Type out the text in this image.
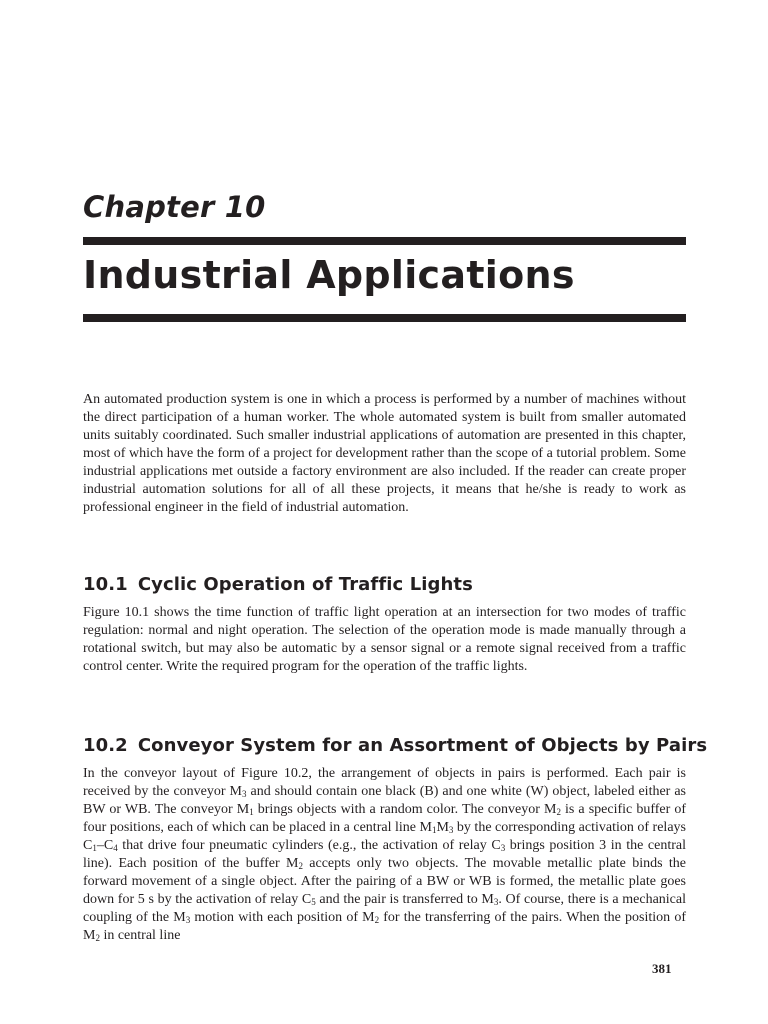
Chapter 10
Industrial Applications

An automated production system is one in which a process is performed by a number of machines without the direct participation of a human worker. The whole automated system is built from smaller automated units suitably coordinated. Such smaller industrial applications of automation are presented in this chapter, most of which have the form of a project for development rather than the scope of a tutorial problem. Some industrial applications met outside a factory environment are also included. If the reader can create proper industrial automation solutions for all of all these projects, it means that he/she is ready to work as professional engineer in the field of industrial automation.

10.1 Cyclic Operation of Traffic Lights

Figure 10.1 shows the time function of traffic light operation at an intersection for two modes of traffic regulation: normal and night operation. The selection of the operation mode is made manually through a rotational switch, but may also be automatic by a sensor signal or a remote signal received from a traffic control center. Write the required program for the operation of the traffic lights.

10.2 Conveyor System for an Assortment of Objects by Pairs

In the conveyor layout of Figure 10.2, the arrangement of objects in pairs is performed. Each pair is received by the conveyor $M_3$ and should contain one black (B) and one white (W) object, labeled either as BW or WB. The conveyor $M_1$ brings objects with a random color. The conveyor $M_2$ is a specific buffer of four positions, each of which can be placed in a central line $M_1M_3$ by the corresponding activation of relays $C_1-C_4$ that drive four pneumatic cylinders (e.g., the activation of relay $C_3$ brings position 3 in the central line). Each position of the buffer $M_2$ accepts only two objects. The movable metallic plate binds the forward movement of a single object. After the pairing of a BW or WB is formed, the metallic plate goes down for 5 s by the activation of relay $C_5$ and the pair is transferred to $M_3$. Of course, there is a mechanical coupling of the $M_3$ motion with each position of $M_2$ for the transferring of the pairs. When the position of $M_2$ in central line

381
